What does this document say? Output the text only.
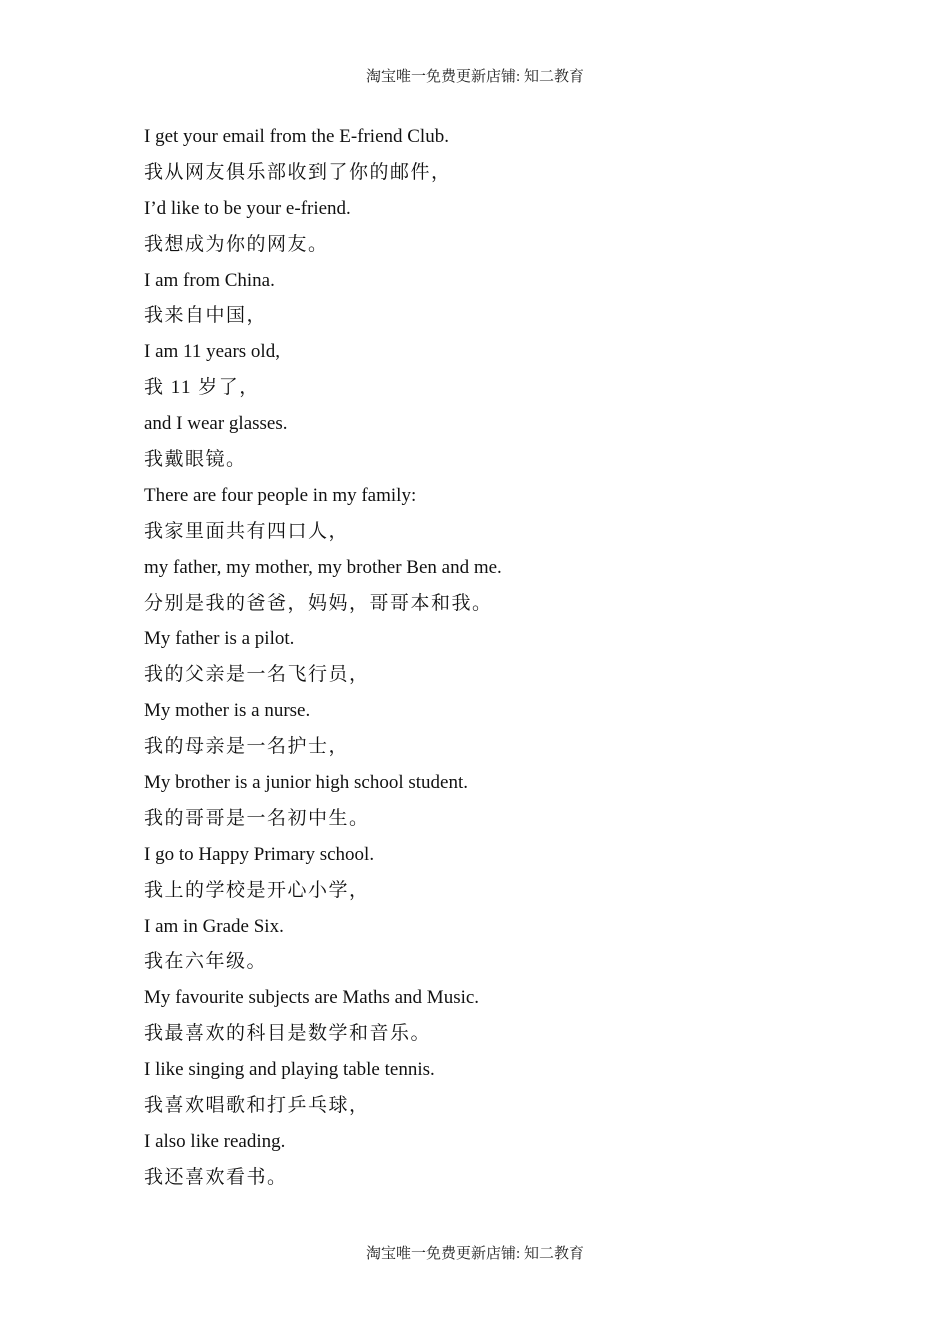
淘宝唯一免费更新店铺: 知二教育
I get your email from the E-friend Club.
我从网友俱乐部收到了你的邮件，
I’d like to be your e-friend.
我想成为你的网友。
I am from China.
我来自中国，
I am 11 years old,
我 11 岁了，
and I wear glasses.
我戴眼镜。
There are four people in my family:
我家里面共有四口人，
my father, my mother, my brother Ben and me.
分别是我的爸爸，妈妈，哥哥本和我。
My father is a pilot.
我的父亲是一名飞行员，
My mother is a nurse.
我的母亲是一名护士，
My brother is a junior high school student.
我的哥哥是一名初中生。
I go to Happy Primary school.
我上的学校是开心小学，
I am in Grade Six.
我在六年级。
My favourite subjects are Maths and Music.
我最喜欢的科目是数学和音乐。
I like singing and playing table tennis.
我喜欢唱歌和打乒乓球，
I also like reading.
我还喜欢看书。
淘宝唯一免费更新店铺: 知二教育
